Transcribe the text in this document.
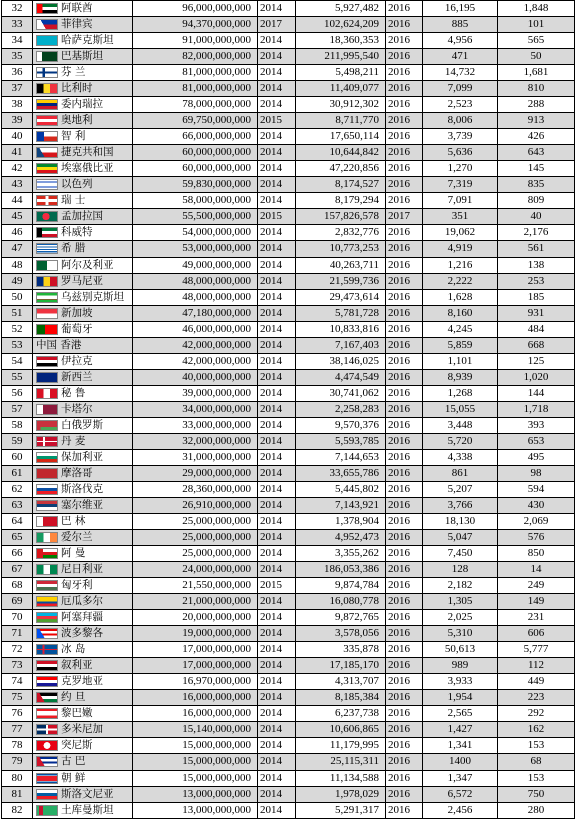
32	阿联酋	96,000,000,000	2014	5,927,482	2016	16,195	1,848
33	菲律宾	94,370,000,000	2017	102,624,209	2016	885	101
34	哈萨克斯坦	91,000,000,000	2014	18,360,353	2016	4,956	565
35	巴基斯坦	82,000,000,000	2014	211,995,540	2016	471	50
36	芬 兰	81,000,000,000	2014	5,498,211	2016	14,732	1,681
37	比利时	81,000,000,000	2014	11,409,077	2016	7,099	810
38	委内瑞拉	78,000,000,000	2014	30,912,302	2016	2,523	288
39	奥地利	69,750,000,000	2015	8,711,770	2016	8,006	913
40	智 利	66,000,000,000	2014	17,650,114	2016	3,739	426
41	捷克共和国	60,000,000,000	2014	10,644,842	2016	5,636	643
42	埃塞俄比亚	60,000,000,000	2014	47,220,856	2016	1,270	145
43	以色列	59,830,000,000	2014	8,174,527	2016	7,319	835
44	瑞 士	58,000,000,000	2014	8,179,294	2016	7,091	809
45	孟加拉国	55,500,000,000	2015	157,826,578	2017	351	40
46	科威特	54,000,000,000	2014	2,832,776	2016	19,062	2,176
47	希 腊	53,000,000,000	2014	10,773,253	2016	4,919	561
48	阿尔及利亚	49,000,000,000	2014	40,263,711	2016	1,216	138
49	罗马尼亚	48,000,000,000	2014	21,599,736	2016	2,222	253
50	乌兹别克斯坦	48,000,000,000	2014	29,473,614	2016	1,628	185
51	新加坡	47,180,000,000	2014	5,781,728	2016	8,160	931
52	葡萄牙	46,000,000,000	2014	10,833,816	2016	4,245	484
53	中国 香港	42,000,000,000	2014	7,167,403	2016	5,859	668
54	伊拉克	42,000,000,000	2014	38,146,025	2016	1,101	125
55	新西兰	40,000,000,000	2014	4,474,549	2016	8,939	1,020
56	秘 鲁	39,000,000,000	2014	30,741,062	2016	1,268	144
57	卡塔尔	34,000,000,000	2014	2,258,283	2016	15,055	1,718
58	白俄罗斯	33,000,000,000	2014	9,570,376	2016	3,448	393
59	丹 麦	32,000,000,000	2014	5,593,785	2016	5,720	653
60	保加利亚	31,000,000,000	2014	7,144,653	2016	4,338	495
61	摩洛哥	29,000,000,000	2014	33,655,786	2016	861	98
62	斯洛伐克	28,360,000,000	2014	5,445,802	2016	5,207	594
63	塞尔维亚	26,910,000,000	2014	7,143,921	2016	3,766	430
64	巴 林	25,000,000,000	2014	1,378,904	2016	18,130	2,069
65	爱尔兰	25,000,000,000	2014	4,952,473	2016	5,047	576
66	阿 曼	25,000,000,000	2014	3,355,262	2016	7,450	850
67	尼日利亚	24,000,000,000	2014	186,053,386	2016	128	14
68	匈牙利	21,550,000,000	2015	9,874,784	2016	2,182	249
69	厄瓜多尔	21,000,000,000	2014	16,080,778	2016	1,305	149
70	阿塞拜疆	20,000,000,000	2014	9,872,765	2016	2,025	231
71	波多黎各	19,000,000,000	2014	3,578,056	2016	5,310	606
72	冰 岛	17,000,000,000	2014	335,878	2016	50,613	5,777
73	叙利亚	17,000,000,000	2014	17,185,170	2016	989	112
74	克罗地亚	16,970,000,000	2014	4,313,707	2016	3,933	449
75	约 旦	16,000,000,000	2014	8,185,384	2016	1,954	223
76	黎巴嫩	16,000,000,000	2014	6,237,738	2016	2,565	292
77	多米尼加	15,140,000,000	2014	10,606,865	2016	1,427	162
78	突尼斯	15,000,000,000	2014	11,179,995	2016	1,341	153
79	古 巴	15,000,000,000	2014	25,115,311	2016	1400	68
80	朝 鲜	15,000,000,000	2014	11,134,588	2016	1,347	153
81	斯洛文尼亚	13,000,000,000	2014	1,978,029	2016	6,572	750
82	土库曼斯坦	13,000,000,000	2014	5,291,317	2016	2,456	280
